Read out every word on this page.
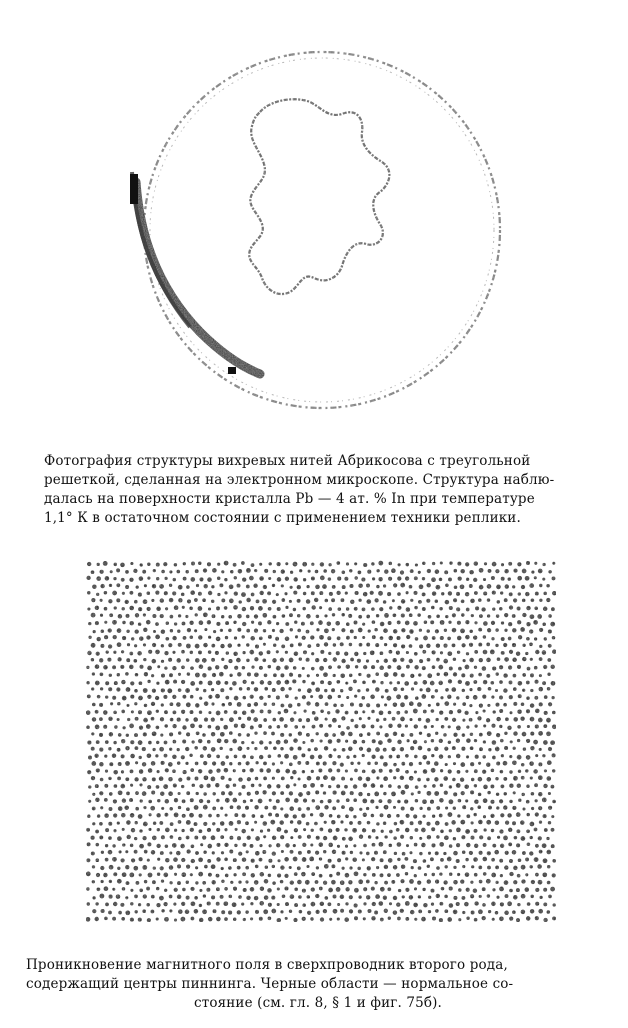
Фотография структуры вихревых нитей Абрикосова с треугольной
решеткой, сделанная на электронном микроскопе. Структура наблю-
далась на поверхности кристалла Pb — 4 ат. % In при температуре
1,1° К в остаточном состоянии с применением техники реплики.
Проникновение магнитного поля в сверхпроводник второго рода,
содержащий центры пиннинга. Черные области — нормальное со-
стояние (см. гл. 8, § 1 и фиг. 75б).
